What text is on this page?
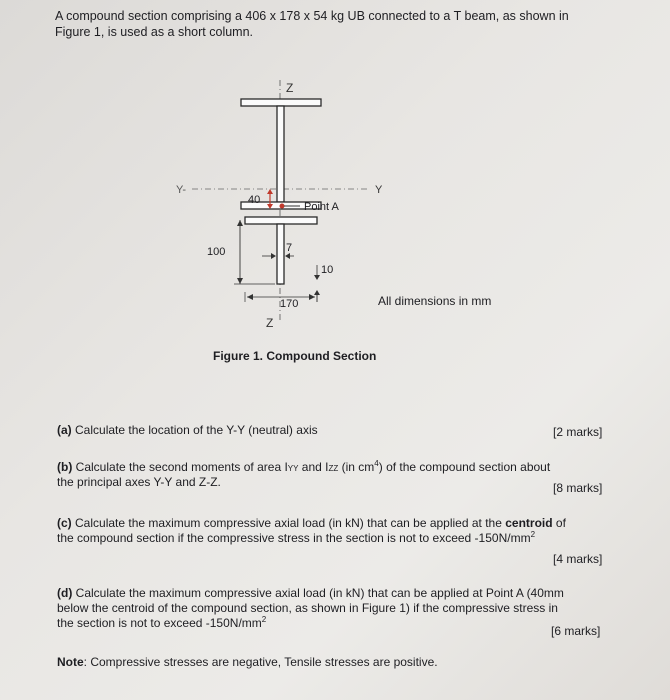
A compound section comprising a 406 x 178 x 54 kg UB connected to a T beam, as shown in
Figure 1, is used as a short column.
Z
Y-	Y
40
Point A
100	7
10
170
Z
All dimensions in mm
Figure 1. Compound Section
(a) Calculate the location of the Y-Y (neutral) axis	[2 marks]
(b) Calculate the second moments of area IYY and IZZ (in $cm^4$) of the compound section about
the principal axes Y-Y and Z-Z.	[8 marks]
(c) Calculate the maximum compressive axial load (in kN) that can be applied at the centroid of
the compound section if the compressive stress in the section is not to exceed $-150N/mm^2$
[4 marks]
(d) Calculate the maximum compressive axial load (in kN) that can be applied at Point A (40mm
below the centroid of the compound section, as shown in Figure 1) if the compressive stress in
the section is not to exceed $-150N/mm^2$
[6 marks]
Note: Compressive stresses are negative, Tensile stresses are positive.
